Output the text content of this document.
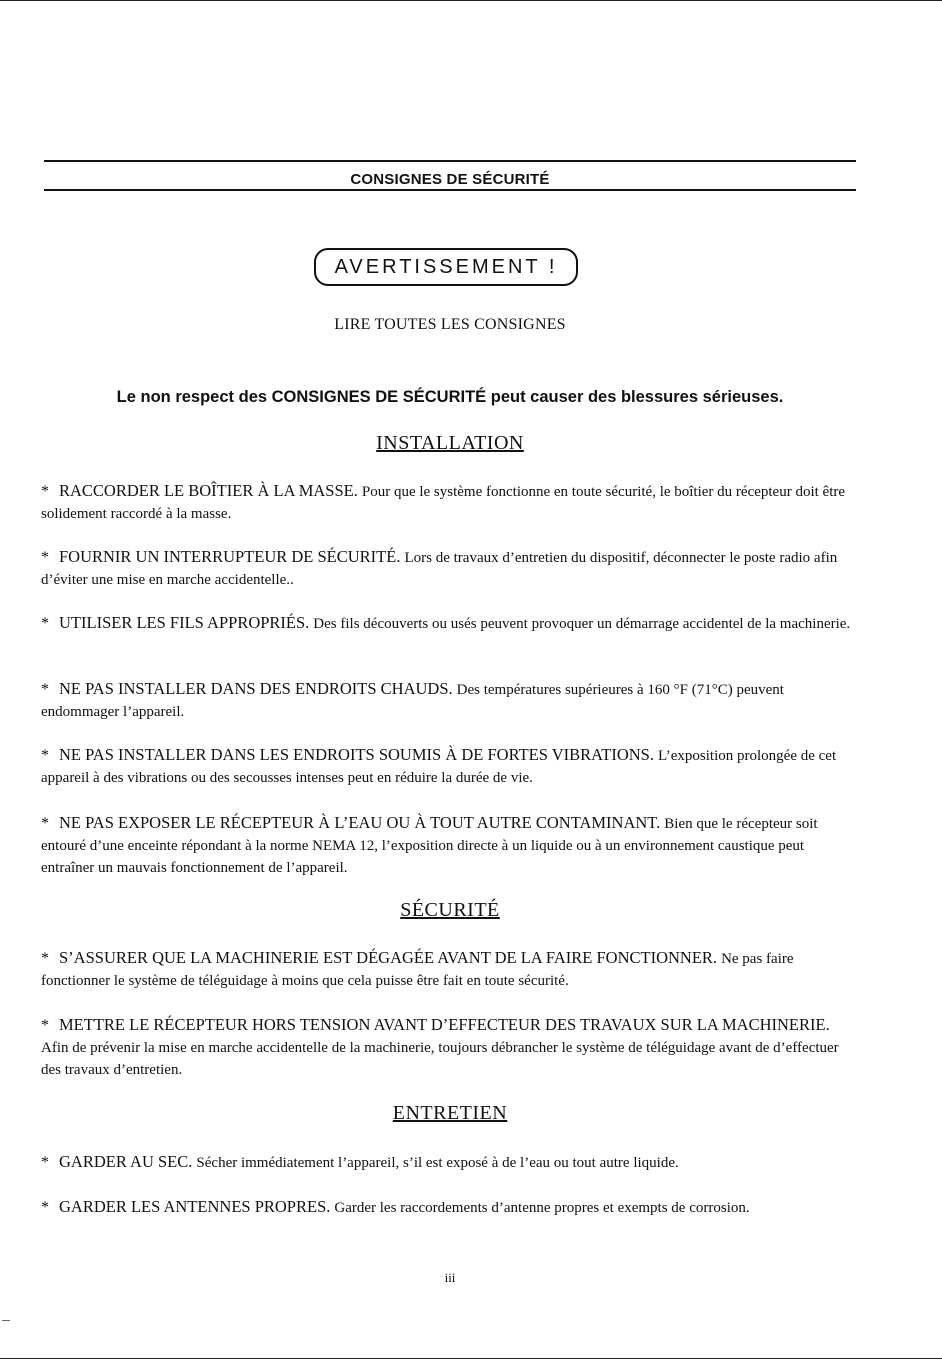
CONSIGNES DE SÉCURITÉ
AVERTISSEMENT !
LIRE TOUTES LES CONSIGNES
Le non respect des CONSIGNES DE SÉCURITÉ peut causer des blessures sérieuses.
INSTALLATION
* RACCORDER LE BOÎTIER À LA MASSE. Pour que le système fonctionne en toute sécurité, le boîtier du récepteur doit être solidement raccordé à la masse.
* FOURNIR UN INTERRUPTEUR DE SÉCURITÉ. Lors de travaux d’entretien du dispositif, déconnecter le poste radio afin d’éviter une mise en marche accidentelle..
* UTILISER LES FILS APPROPRIÉS. Des fils découverts ou usés peuvent provoquer un démarrage accidentel de la machinerie.
* NE PAS INSTALLER DANS DES ENDROITS CHAUDS. Des températures supérieures à 160 °F (71°C) peuvent endommager l’appareil.
* NE PAS INSTALLER DANS LES ENDROITS SOUMIS À DE FORTES VIBRATIONS. L’exposition prolongée de cet appareil à des vibrations ou des secousses intenses peut en réduire la durée de vie.
* NE PAS EXPOSER LE RÉCEPTEUR À L’EAU OU À TOUT AUTRE CONTAMINANT. Bien que le récepteur soit entouré d’une enceinte répondant à la norme NEMA 12, l’exposition directe à un liquide ou à un environnement caustique peut entraîner un mauvais fonctionnement de l’appareil.
SÉCURITÉ
* S’ASSURER QUE LA MACHINERIE EST DÉGAGÉE AVANT DE LA FAIRE FONCTIONNER. Ne pas faire fonctionner le système de téléguidage à moins que cela puisse être fait en toute sécurité.
* METTRE LE RÉCEPTEUR HORS TENSION AVANT D’EFFECTEUR DES TRAVAUX SUR LA MACHINERIE. Afin de prévenir la mise en marche accidentelle de la machinerie, toujours débrancher le système de téléguidage avant de d’effectuer des travaux d’entretien.
ENTRETIEN
* GARDER AU SEC. Sécher immédiatement l’appareil, s’il est exposé à de l’eau ou tout autre liquide.
* GARDER LES ANTENNES PROPRES. Garder les raccordements d’antenne propres et exempts de corrosion.
iii
